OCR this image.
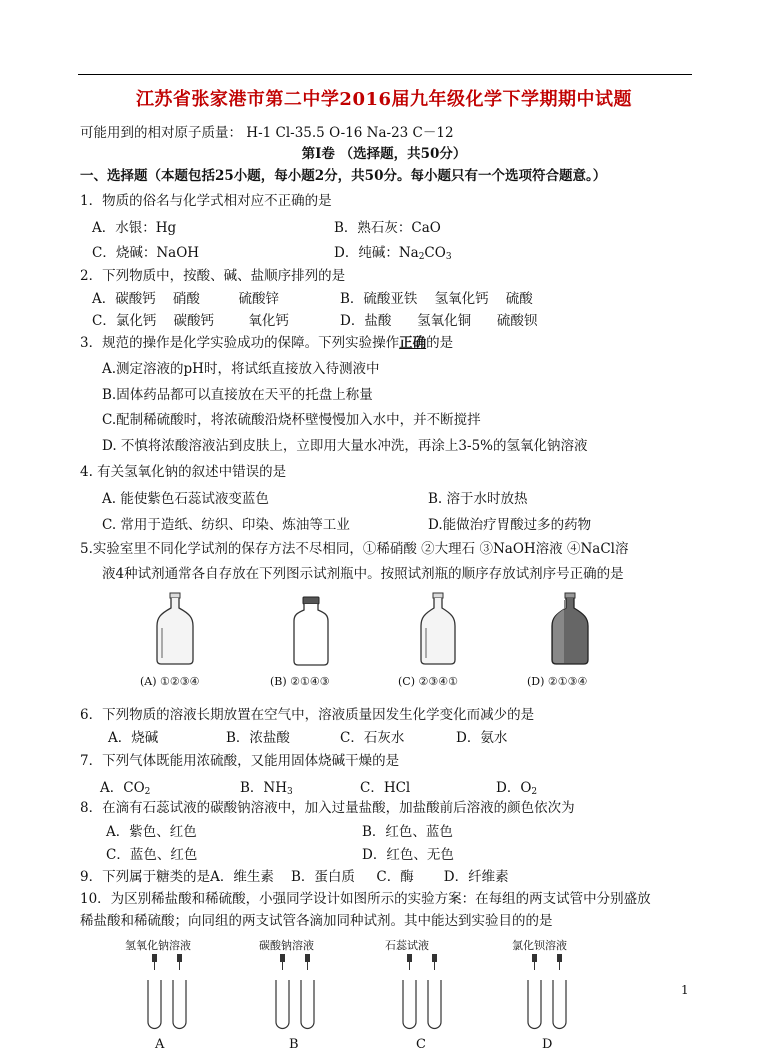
江苏省张家港市第二中学2016届九年级化学下学期期中试题
可能用到的相对原子质量： H-1 Cl-35.5 O-16 Na-23 C－12
第Ⅰ卷 （选择题，共50分）
一、选择题（本题包括25小题，每小题2分，共50分。每小题只有一个选项符合题意。）
1．物质的俗名与化学式相对应不正确的是
A．水银：Hg	B．熟石灰：CaO
C．烧碱：NaOH	D．纯碱：$Na_2CO_3$
2．下列物质中，按酸、碱、盐顺序排列的是
A．碳酸钙    硝酸         硫酸锌	B．硫酸亚铁    氢氧化钙    硫酸
C．氯化钙    碳酸钙        氧化钙	D．盐酸      氢氧化铜      硫酸钡
3．规范的操作是化学实验成功的保障。下列实验操作正确的是
A.测定溶液的pH时，将试纸直接放入待测液中
B.固体药品都可以直接放在天平的托盘上称量
C.配制稀硫酸时，将浓硫酸沿烧杯壁慢慢加入水中，并不断搅拌
D. 不慎将浓酸溶液沾到皮肤上，立即用大量水冲洗，再涂上3-5%的氢氧化钠溶液
4. 有关氢氧化钠的叙述中错误的是
A. 能使紫色石蕊试液变蓝色	B. 溶于水时放热
C. 常用于造纸、纺织、印染、炼油等工业	D.能做治疗胃酸过多的药物
5.实验室里不同化学试剂的保存方法不尽相同，①稀硝酸 ②大理石 ③NaOH溶液 ④NaCl溶
液4种试剂通常各自存放在下列图示试剂瓶中。按照试剂瓶的顺序存放试剂序号正确的是
(A) ①②③④	(B) ②①④③	(C) ②③④①	(D) ②①③④
6．下列物质的溶液长期放置在空气中，溶液质量因发生化学变化而减少的是
A．烧碱	B．浓盐酸	C．石灰水	D．氨水
7．下列气体既能用浓硫酸，又能用固体烧碱干燥的是
A．$CO_2$	B．$NH_3$	C．HCl	D．$O_2$
8．在滴有石蕊试液的碳酸钠溶液中，加入过量盐酸，加盐酸前后溶液的颜色依次为
A．紫色、红色	B．红色、蓝色
C．蓝色、红色	D．红色、无色
9．下列属于糖类的是A．维生素    B．蛋白质     C．酶       D．纤维素
10．为区别稀盐酸和稀硫酸，小强同学设计如图所示的实验方案：在每组的两支试管中分别盛放
稀盐酸和稀硫酸；向同组的两支试管各滴加同种试剂。其中能达到实验目的的是
氢氧化钠溶液	碳酸钠溶液	石蕊试液	氯化钡溶液
A	B	C	D
1
